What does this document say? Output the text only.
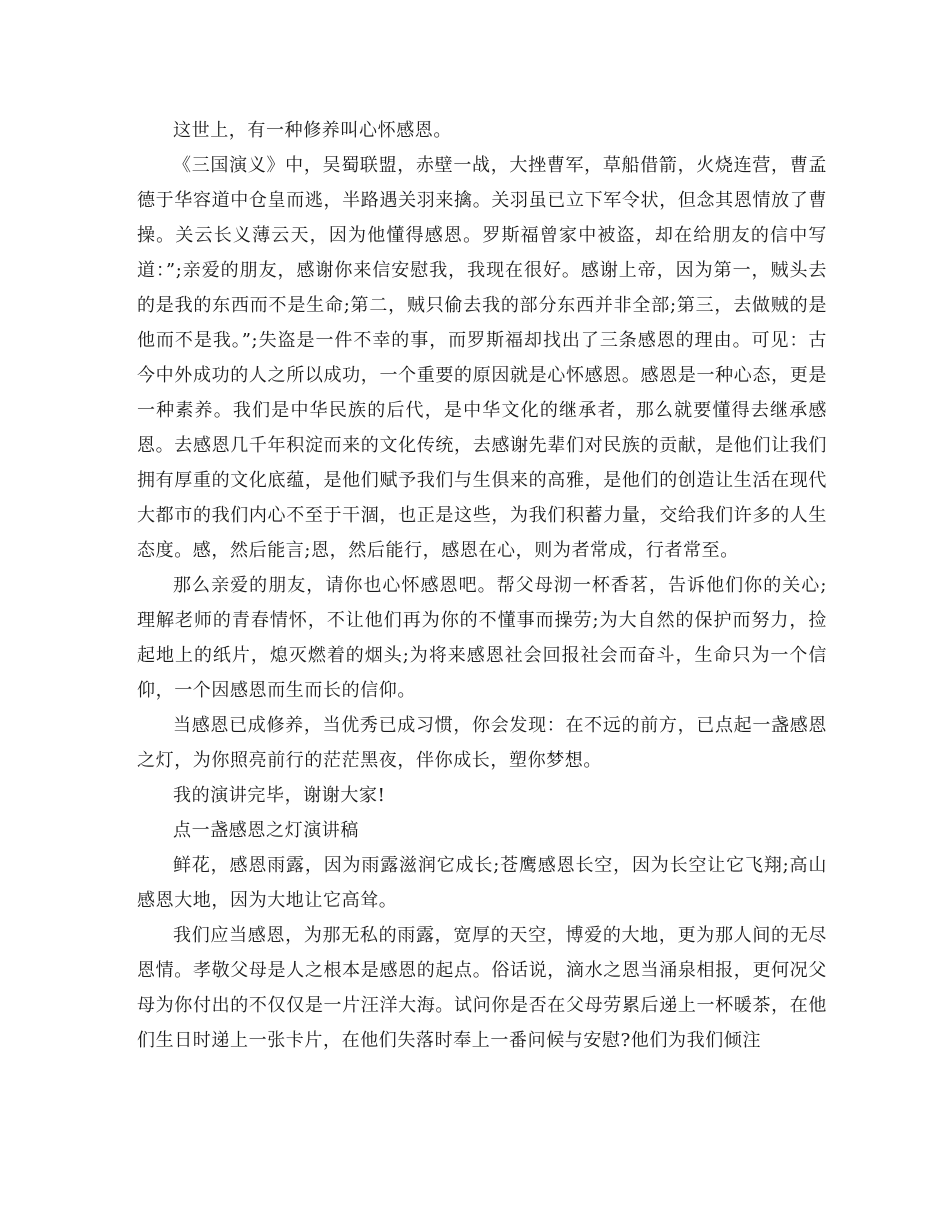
这世上，有一种修养叫心怀感恩。

《三国演义》中，吴蜀联盟，赤壁一战，大挫曹军，草船借箭，火烧连营，曹孟德于华容道中仓皇而逃，半路遇关羽来擒。关羽虽已立下军令状，但念其恩情放了曹操。关云长义薄云天，因为他懂得感恩。罗斯福曾家中被盗，却在给朋友的信中写道：”;亲爱的朋友，感谢你来信安慰我，我现在很好。感谢上帝，因为第一，贼头去的是我的东西而不是生命;第二，贼只偷去我的部分东西并非全部;第三，去做贼的是他而不是我。”;失盗是一件不幸的事，而罗斯福却找出了三条感恩的理由。可见：古今中外成功的人之所以成功，一个重要的原因就是心怀感恩。感恩是一种心态，更是一种素养。我们是中华民族的后代，是中华文化的继承者，那么就要懂得去继承感恩。去感恩几千年积淀而来的文化传统，去感谢先辈们对民族的贡献，是他们让我们拥有厚重的文化底蕴，是他们赋予我们与生俱来的高雅，是他们的创造让生活在现代大都市的我们内心不至于干涸，也正是这些，为我们积蓄力量，交给我们许多的人生态度。感，然后能言;恩，然后能行，感恩在心，则为者常成，行者常至。

那么亲爱的朋友，请你也心怀感恩吧。帮父母沏一杯香茗，告诉他们你的关心;理解老师的青春情怀，不让他们再为你的不懂事而操劳;为大自然的保护而努力，捡起地上的纸片，熄灭燃着的烟头;为将来感恩社会回报社会而奋斗，生命只为一个信仰，一个因感恩而生而长的信仰。

当感恩已成修养，当优秀已成习惯，你会发现：在不远的前方，已点起一盏感恩之灯，为你照亮前行的茫茫黑夜，伴你成长，塑你梦想。

我的演讲完毕，谢谢大家!

点一盏感恩之灯演讲稿

鲜花，感恩雨露，因为雨露滋润它成长;苍鹰感恩长空，因为长空让它飞翔;高山感恩大地，因为大地让它高耸。

我们应当感恩，为那无私的雨露，宽厚的天空，博爱的大地，更为那人间的无尽恩情。孝敬父母是人之根本是感恩的起点。俗话说，滴水之恩当涌泉相报，更何况父母为你付出的不仅仅是一片汪洋大海。试问你是否在父母劳累后递上一杯暖茶，在他们生日时递上一张卡片，在他们失落时奉上一番问候与安慰?他们为我们倾注
